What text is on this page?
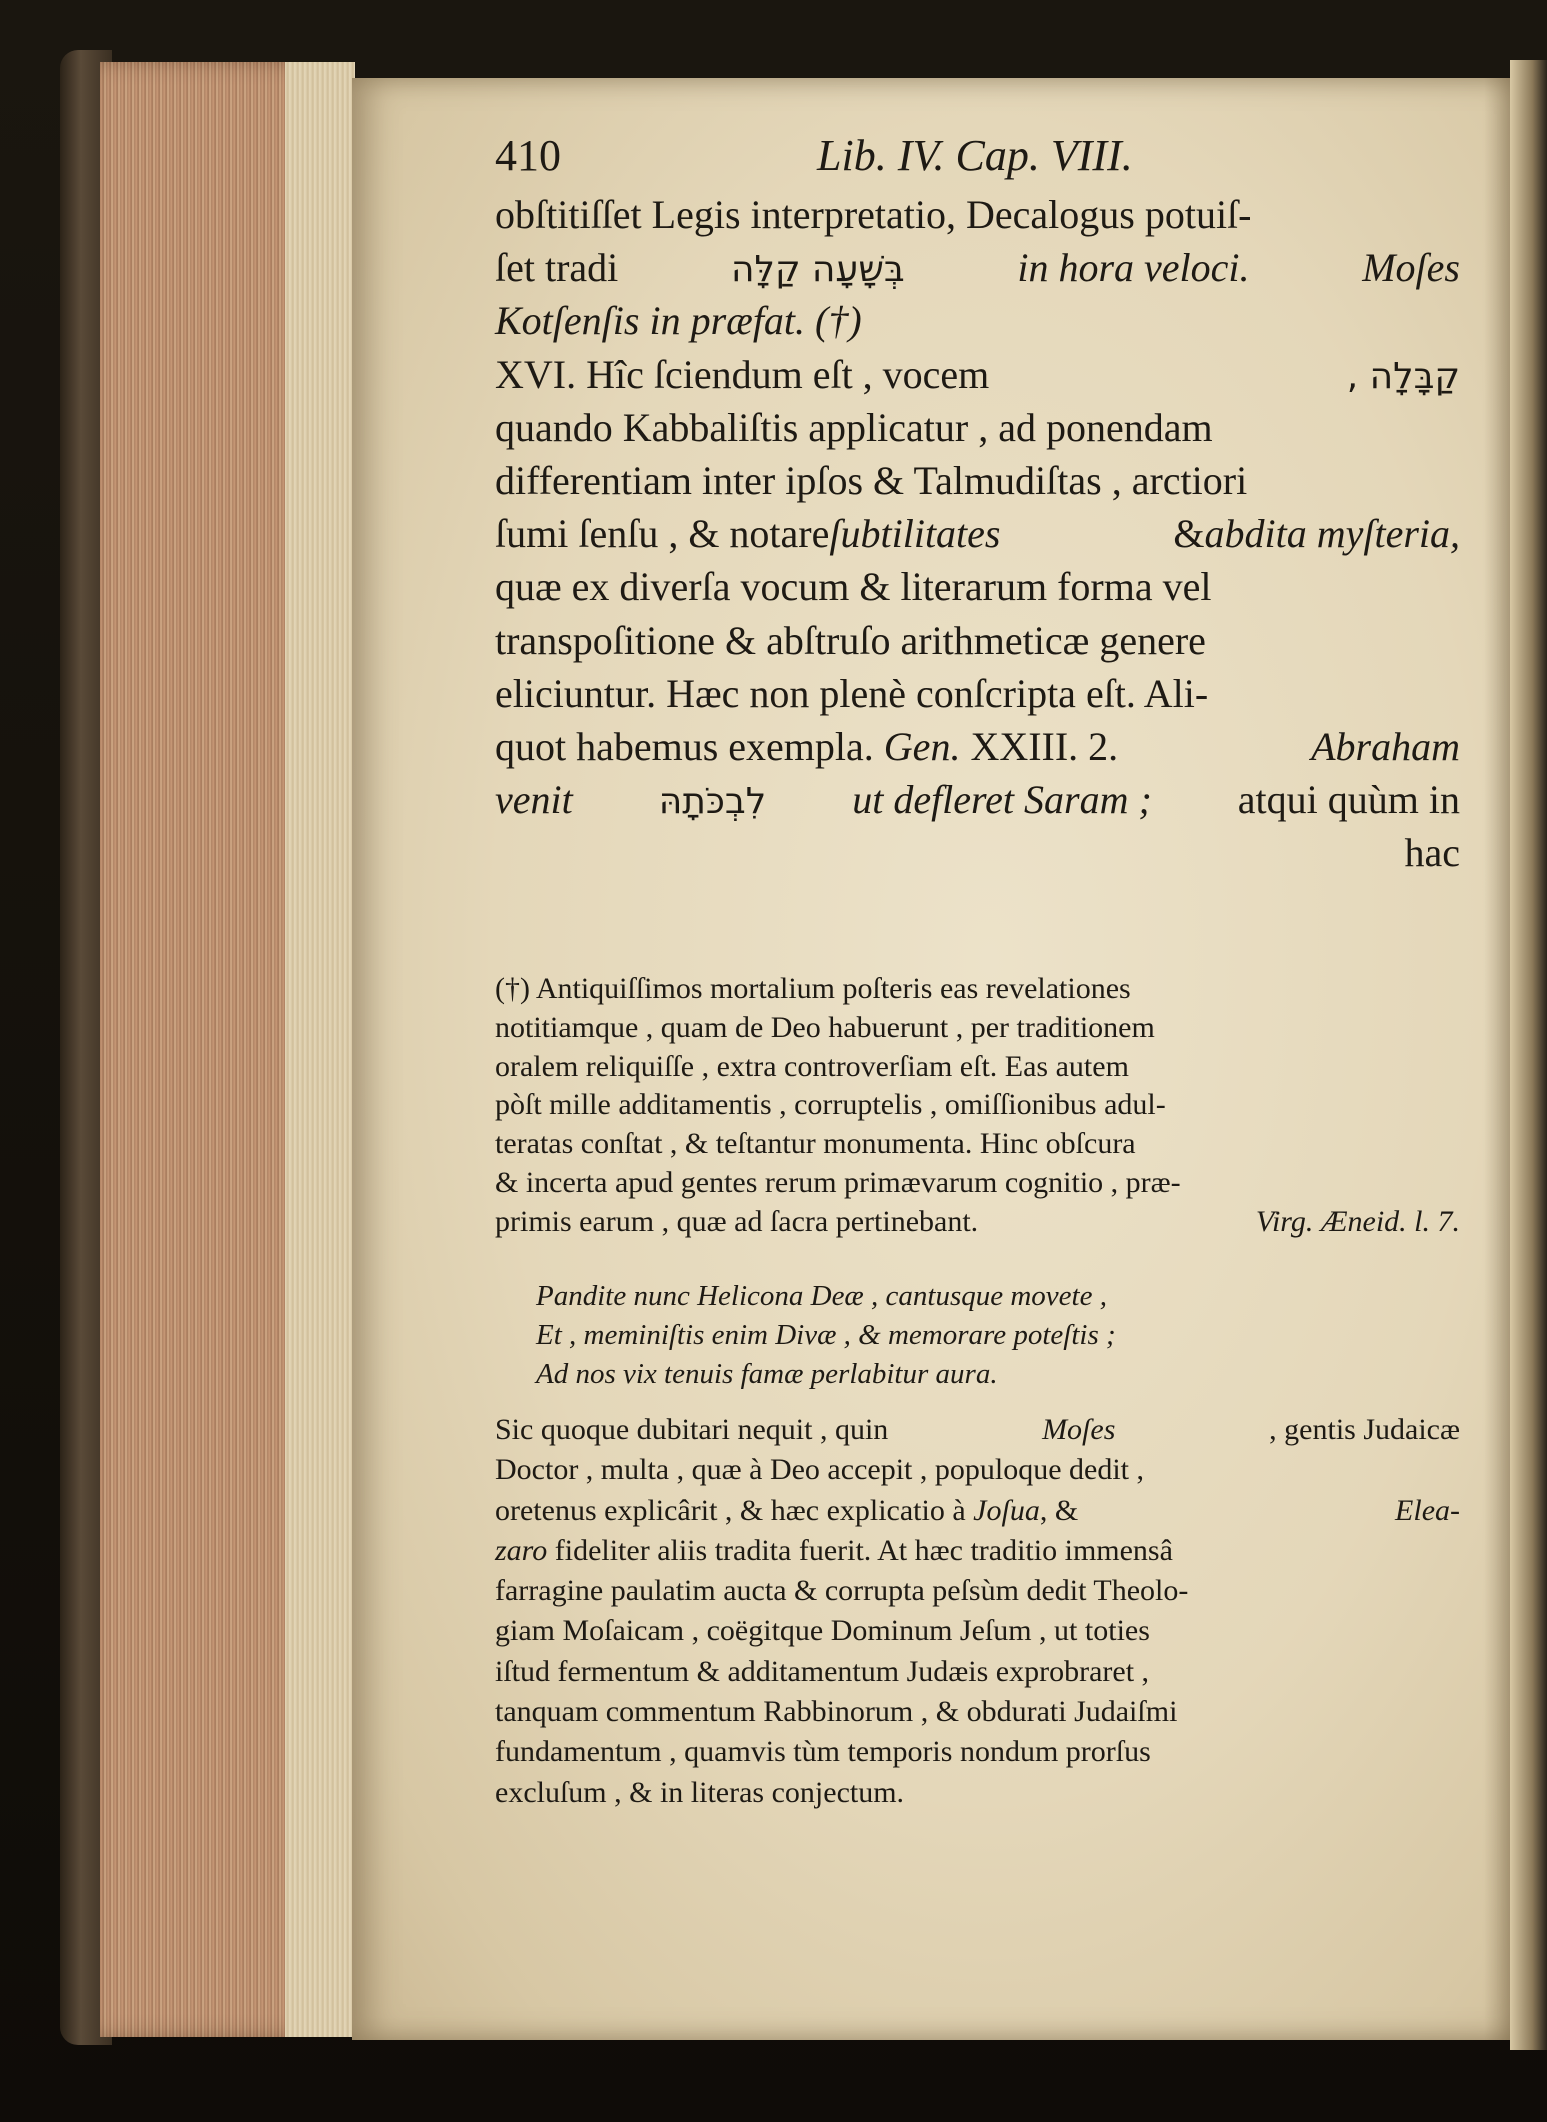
410	Lib. IV. Cap. VIII.
obſtitiſſet Legis interpretatio, Decalogus potuiſ-
ſet tradi	בְּשָׁעָה קַלָּה	in hora veloci.	Moſes
Kotſenſis in præfat. (†)
XVI. Hîc ſciendum eſt , vocem	קַבָּלָה ,
quando Kabbaliſtis applicatur , ad ponendam
differentiam inter ipſos & Talmudiſtas , arctiori
ſumi ſenſu , & notareſubtilitates	&abdita myſteria,
quæ ex diverſa vocum & literarum forma vel
transpoſitione & abſtruſo arithmeticæ genere
eliciuntur. Hæc non plenè conſcripta eſt. Ali-
quot habemus exempla. Gen. XXIII. 2.	Abraham
venit לִבְכֹּתָהּ ut defleret Saram ; atqui quùm in
hac
(†) Antiquiſſimos mortalium poſteris eas revelationes
notitiamque , quam de Deo habuerunt , per traditionem
oralem reliquiſſe , extra controverſiam eſt. Eas autem
pòſt mille additamentis , corruptelis , omiſſionibus adul-
teratas conſtat , & teſtantur monumenta. Hinc obſcura
& incerta apud gentes rerum primævarum cognitio , præ-
primis earum , quæ ad ſacra pertinebant.	Virg. Æneid. l. 7.
Pandite nunc Helicona Deæ , cantusque movete ,
Et , meminiſtis enim Divæ , & memorare poteſtis ;
Ad nos vix tenuis famæ perlabitur aura.
Sic quoque dubitari nequit , quin	Moſes	, gentis Judaicæ
Doctor , multa , quæ à Deo accepit , populoque dedit ,
oretenus explicârit , & hæc explicatio à Joſua, &	Elea-
zaro fideliter aliis tradita fuerit. At hæc traditio immensâ
farragine paulatim aucta & corrupta peſsùm dedit Theolo-
giam Moſaicam , coëgitque Dominum Jeſum , ut toties
iſtud fermentum & additamentum Judæis exprobraret ,
tanquam commentum Rabbinorum , & obdurati Judaiſmi
fundamentum , quamvis tùm temporis nondum prorſus
excluſum , & in literas conjectum.
